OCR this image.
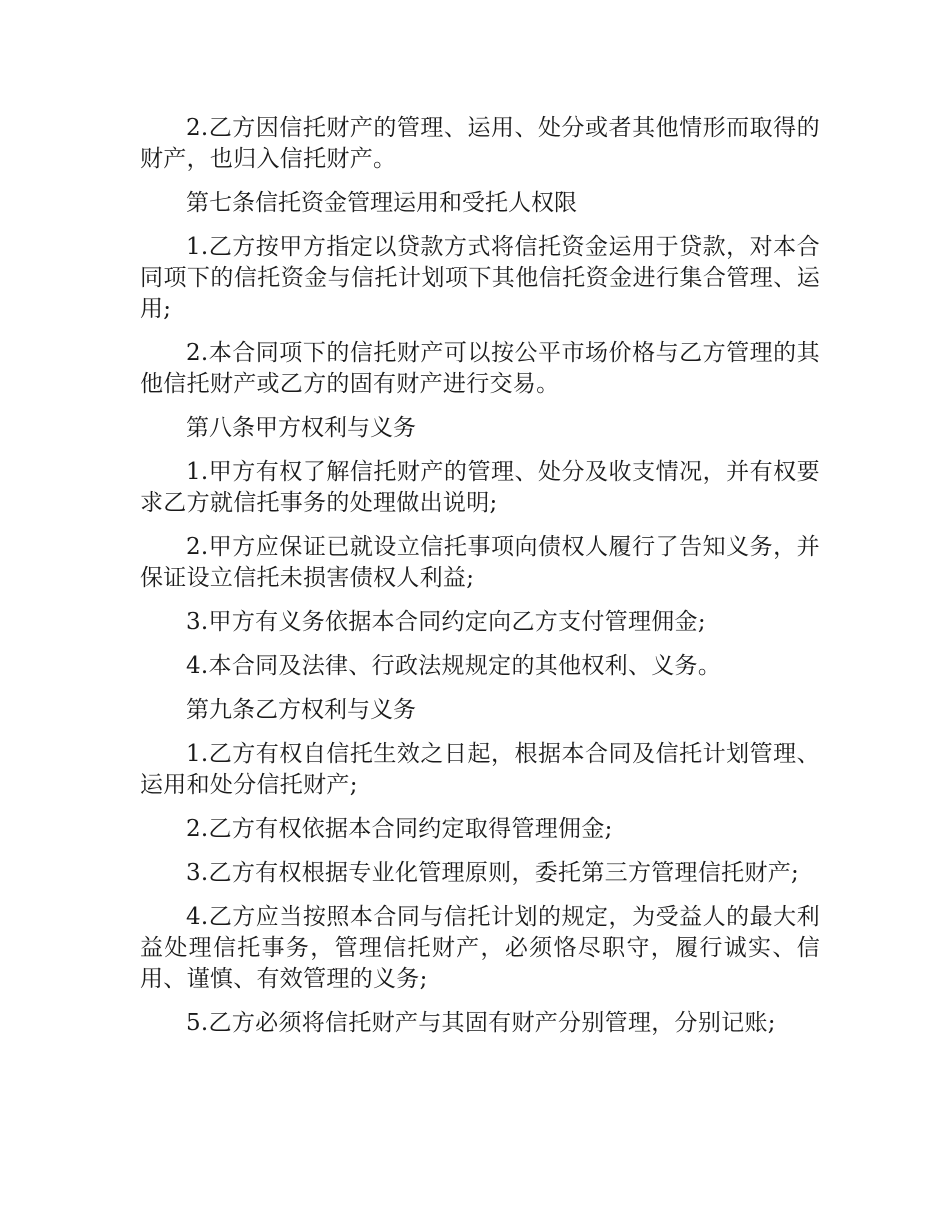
2.乙方因信托财产的管理、运用、处分或者其他情形而取得的财产，也归入信托财产。

第七条信托资金管理运用和受托人权限

1.乙方按甲方指定以贷款方式将信托资金运用于贷款，对本合同项下的信托资金与信托计划项下其他信托资金进行集合管理、运用;

2.本合同项下的信托财产可以按公平市场价格与乙方管理的其他信托财产或乙方的固有财产进行交易。

第八条甲方权利与义务

1.甲方有权了解信托财产的管理、处分及收支情况，并有权要求乙方就信托事务的处理做出说明;

2.甲方应保证已就设立信托事项向债权人履行了告知义务，并保证设立信托未损害债权人利益;

3.甲方有义务依据本合同约定向乙方支付管理佣金;

4.本合同及法律、行政法规规定的其他权利、义务。

第九条乙方权利与义务

1.乙方有权自信托生效之日起，根据本合同及信托计划管理、运用和处分信托财产;

2.乙方有权依据本合同约定取得管理佣金;

3.乙方有权根据专业化管理原则，委托第三方管理信托财产;

4.乙方应当按照本合同与信托计划的规定，为受益人的最大利益处理信托事务，管理信托财产，必须恪尽职守，履行诚实、信用、谨慎、有效管理的义务;

5.乙方必须将信托财产与其固有财产分别管理，分别记账;
